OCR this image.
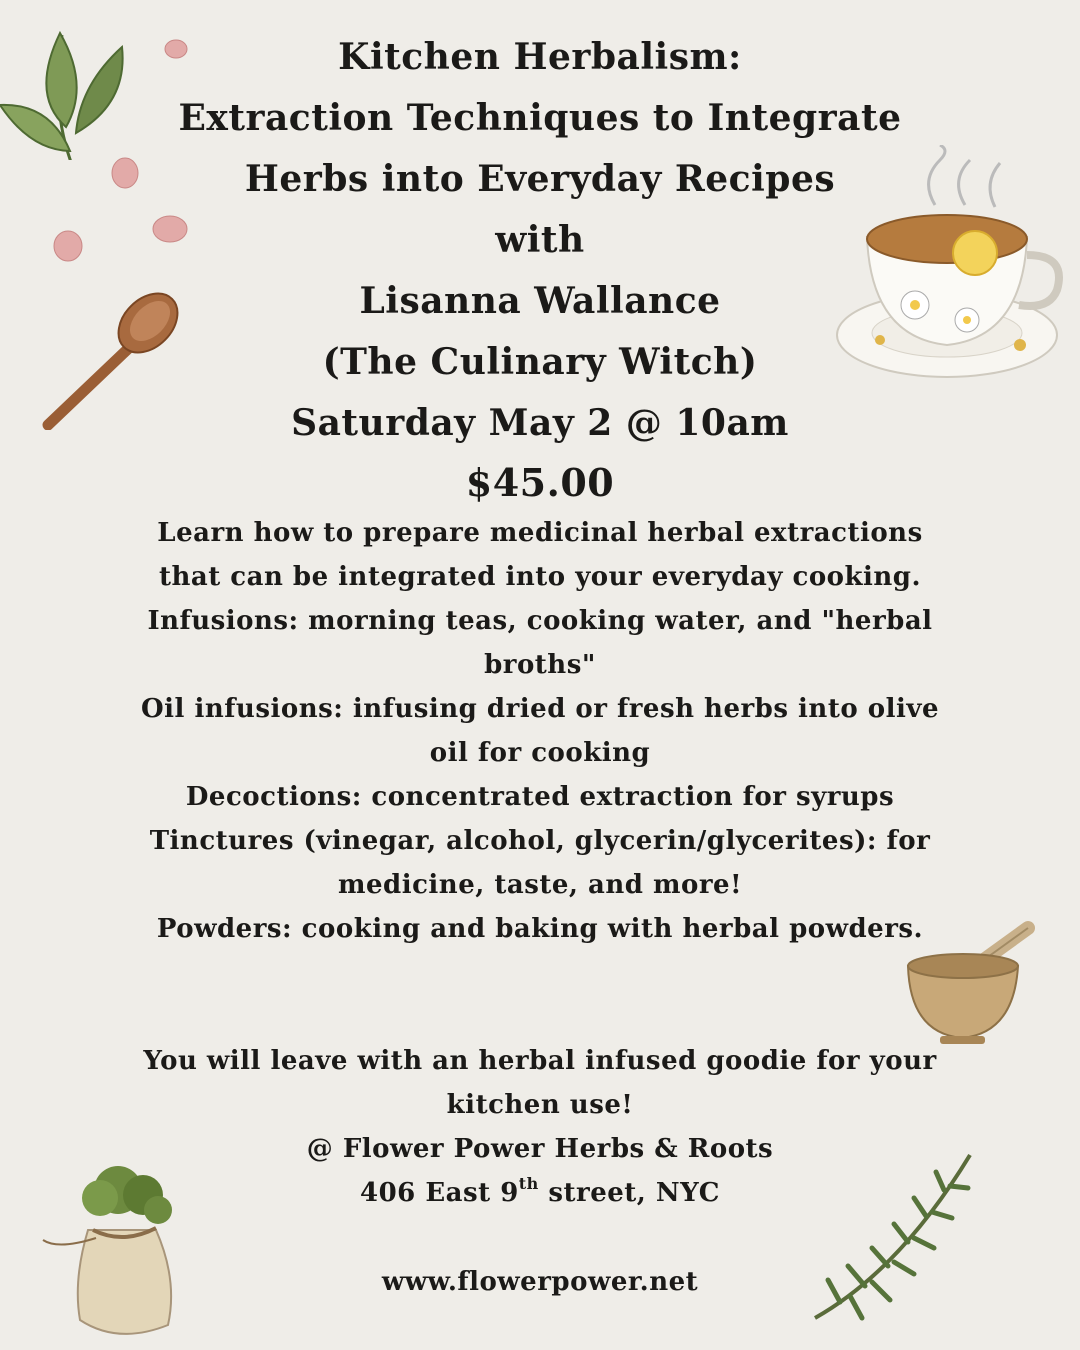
Kitchen Herbalism:
Extraction Techniques to Integrate
Herbs into Everyday Recipes
with
Lisanna Wallance
(The Culinary Witch)
Saturday May 2 @ 10am
$45.00
Learn how to prepare medicinal herbal extractions
that can be integrated into your everyday cooking.
Infusions: morning teas, cooking water, and "herbal
broths"
Oil infusions: infusing dried or fresh herbs into olive
oil for cooking
Decoctions: concentrated extraction for syrups
Tinctures (vinegar, alcohol, glycerin/glycerites): for
medicine, taste, and more!
Powders: cooking and baking with herbal powders.
You will leave with an herbal infused goodie for your
kitchen use!
@ Flower Power Herbs & Roots
406 East 9th street, NYC
www.flowerpower.net
